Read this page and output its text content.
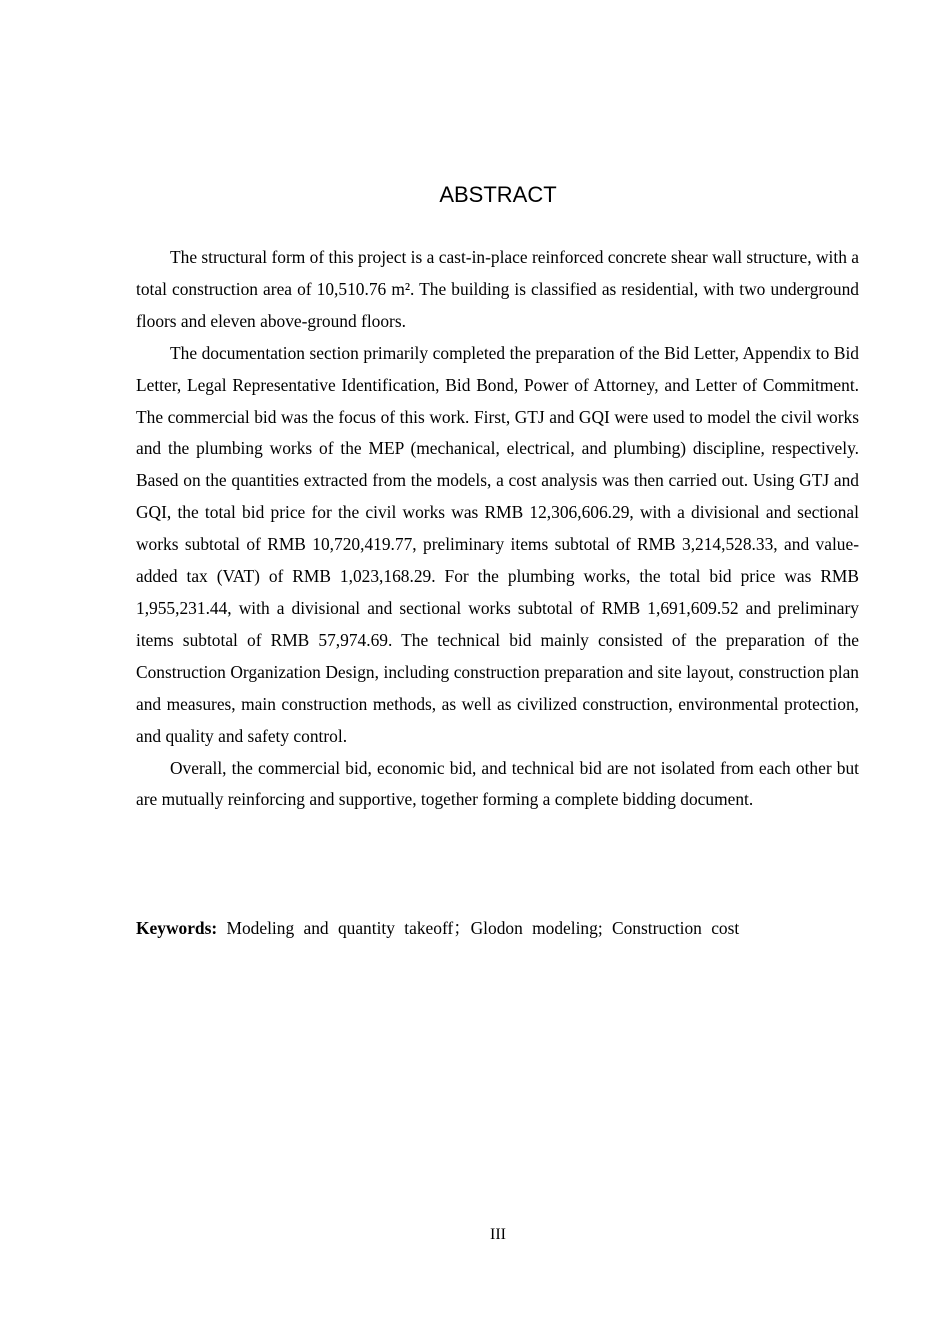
ABSTRACT

The structural form of this project is a cast-in-place reinforced concrete shear wall structure, with a total construction area of 10,510.76 m². The building is classified as residential, with two underground floors and eleven above-ground floors.

The documentation section primarily completed the preparation of the Bid Letter, Appendix to Bid Letter, Legal Representative Identification, Bid Bond, Power of Attorney, and Letter of Commitment. The commercial bid was the focus of this work. First, GTJ and GQI were used to model the civil works and the plumbing works of the MEP (mechanical, electrical, and plumbing) discipline, respectively. Based on the quantities extracted from the models, a cost analysis was then carried out. Using GTJ and GQI, the total bid price for the civil works was RMB 12,306,606.29, with a divisional and sectional works subtotal of RMB 10,720,419.77, preliminary items subtotal of RMB 3,214,528.33, and value-added tax (VAT) of RMB 1,023,168.29. For the plumbing works, the total bid price was RMB 1,955,231.44, with a divisional and sectional works subtotal of RMB 1,691,609.52 and preliminary items subtotal of RMB 57,974.69. The technical bid mainly consisted of the preparation of the Construction Organization Design, including construction preparation and site layout, construction plan and measures, main construction methods, as well as civilized construction, environmental protection, and quality and safety control.

Overall, the commercial bid, economic bid, and technical bid are not isolated from each other but are mutually reinforcing and supportive, together forming a complete bidding document.

Keywords: Modeling and quantity takeoff；Glodon modeling; Construction cost

III
